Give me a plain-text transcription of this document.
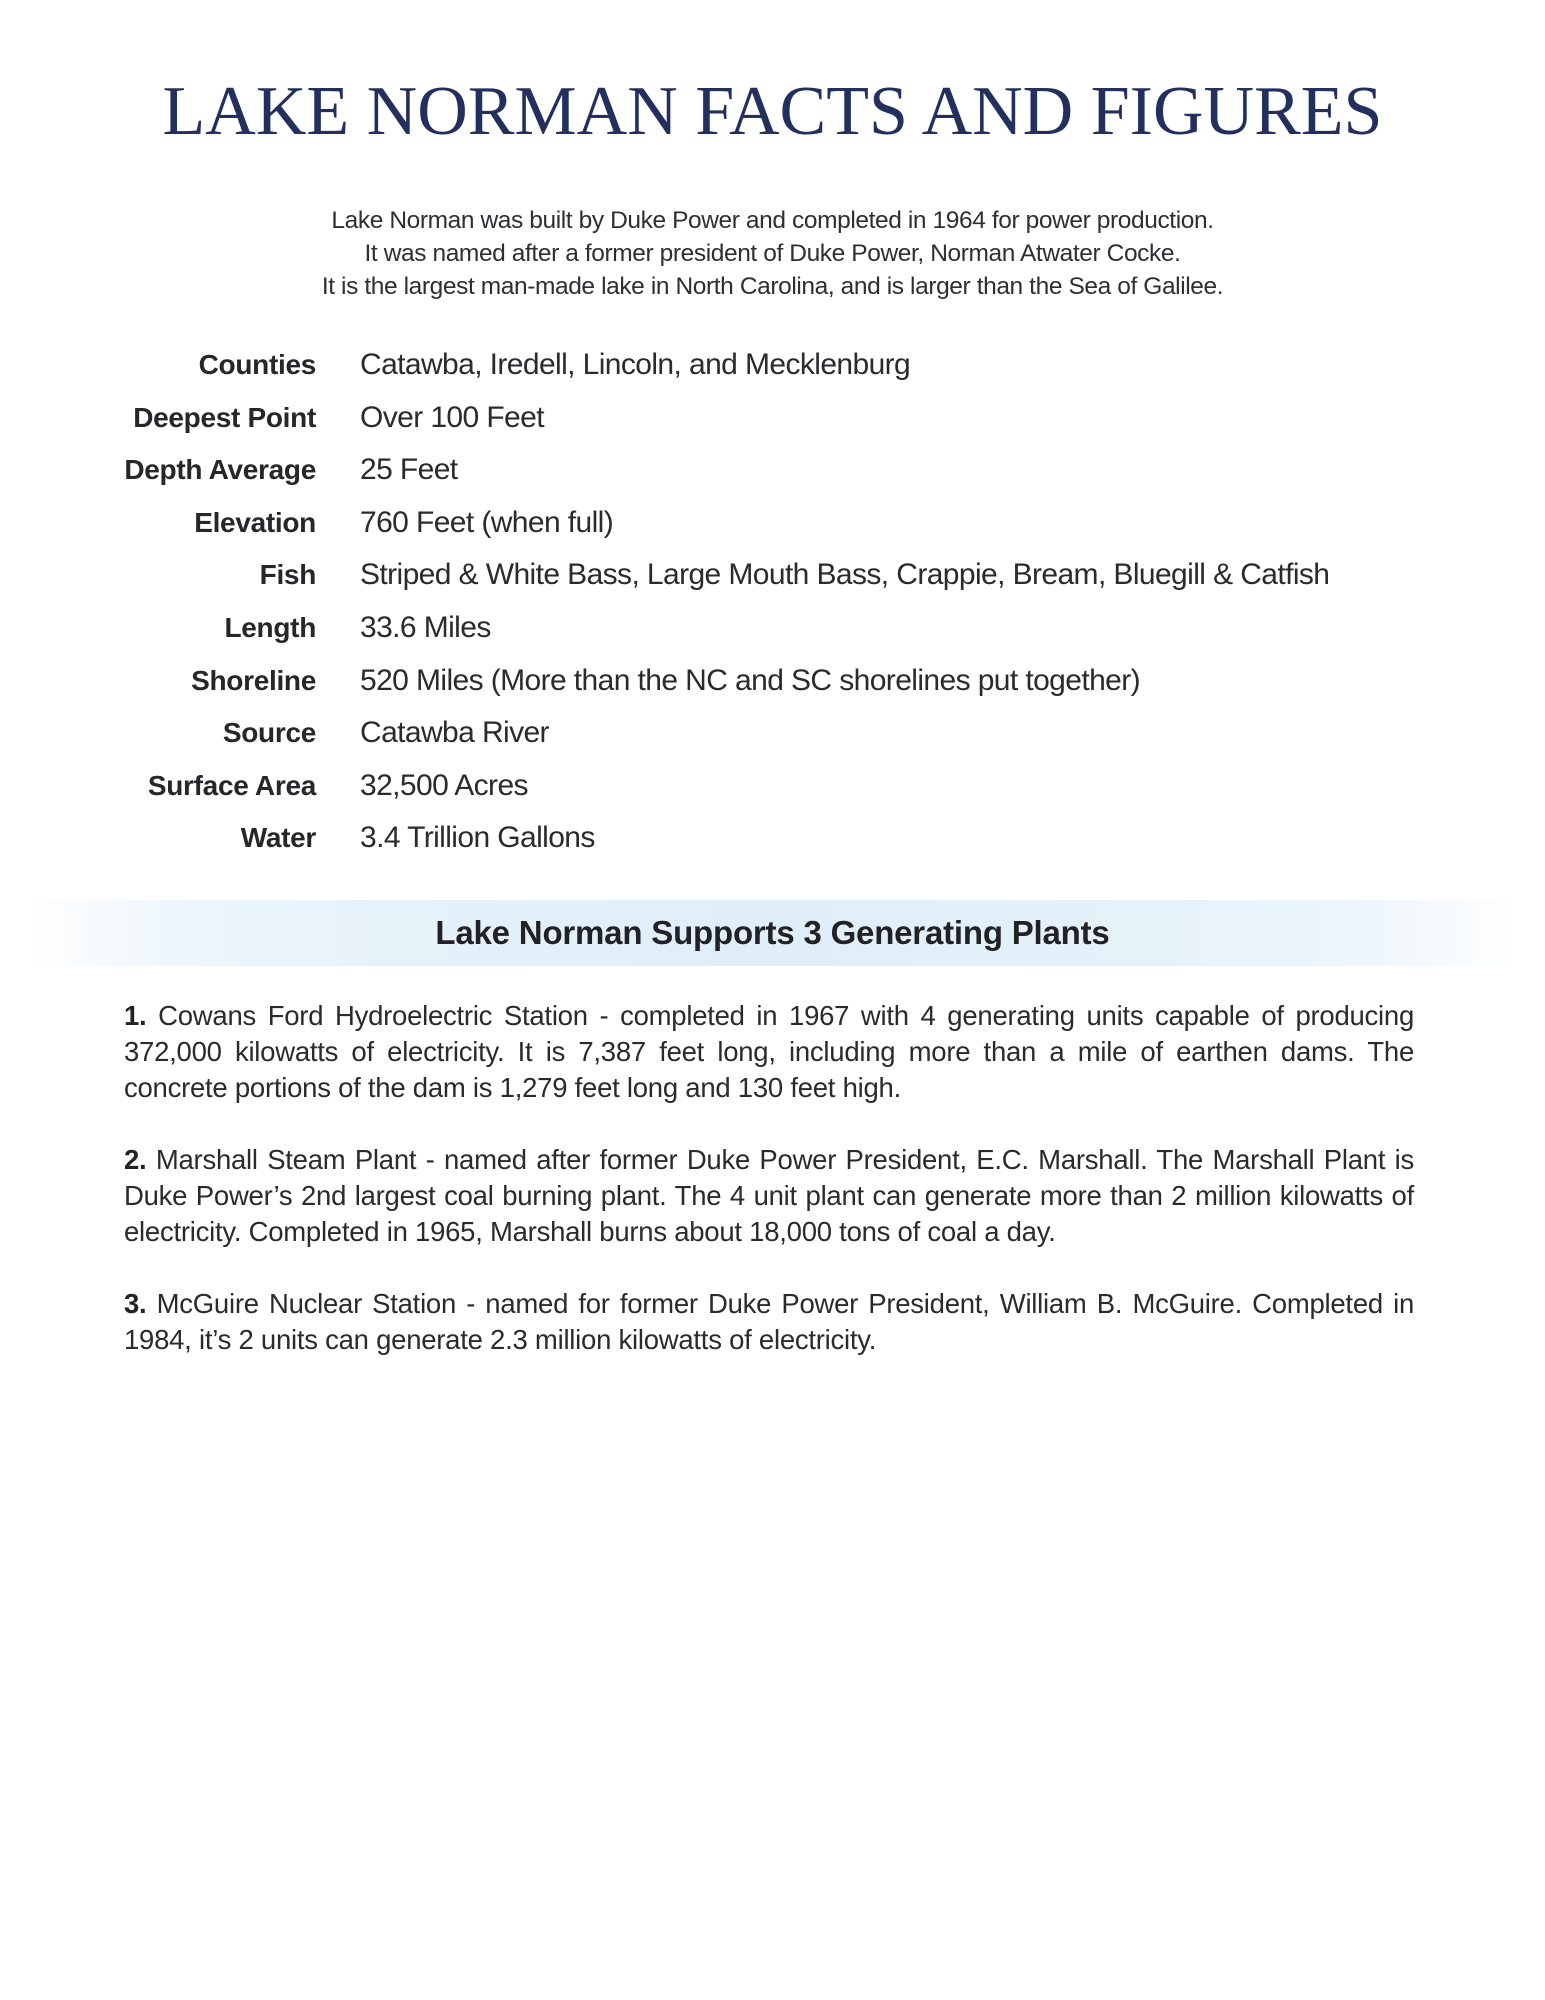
LAKE NORMAN FACTS AND FIGURES
Lake Norman was built by Duke Power and completed in 1964 for power production.
It was named after a former president of Duke Power, Norman Atwater Cocke.
It is the largest man-made lake in North Carolina, and is larger than the Sea of Galilee.
Counties	Catawba, Iredell, Lincoln, and Mecklenburg
Deepest Point	Over 100 Feet
Depth Average	25 Feet
Elevation	760 Feet (when full)
Fish	Striped & White Bass, Large Mouth Bass, Crappie, Bream, Bluegill & Catfish
Length	33.6 Miles
Shoreline	520 Miles (More than the NC and SC shorelines put together)
Source	Catawba River
Surface Area	32,500 Acres
Water	3.4 Trillion Gallons
Lake Norman Supports 3 Generating Plants

1. Cowans Ford Hydroelectric Station - completed in 1967 with 4 generating units capable of producing 372,000 kilowatts of electricity. It is 7,387 feet long, including more than a mile of earthen dams. The concrete portions of the dam is 1,279 feet long and 130 feet high.

2. Marshall Steam Plant - named after former Duke Power President, E.C. Marshall. The Marshall Plant is Duke Power’s 2nd largest coal burning plant. The 4 unit plant can generate more than 2 million kilowatts of electricity. Completed in 1965, Marshall burns about 18,000 tons of coal a day.

3. McGuire Nuclear Station - named for former Duke Power President, William B. McGuire. Completed in 1984, it’s 2 units can generate 2.3 million kilowatts of electricity.
